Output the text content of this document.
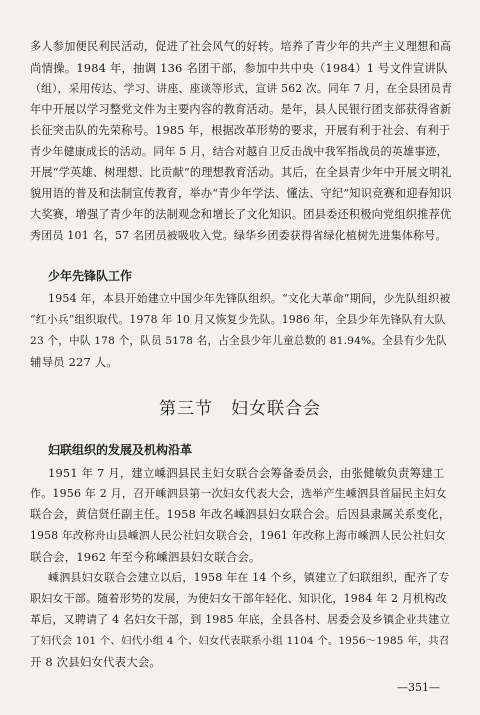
多人参加便民利民活动，促进了社会风气的好转。培养了青少年的共产主义理想和高
尚情操。1984 年，抽调 136 名团干部，参加中共中央（1984）1 号文件宣讲队
（组），采用传达、学习、讲座、座谈等形式，宣讲 562 次。同年 7 月，在全县团员青
年中开展以学习整党文件为主要内容的教育活动。是年，县人民银行团支部获得省新
长征突击队的先荣称号。1985 年，根据改革形势的要求，开展有利于社会、有利于
青少年健康成长的活动。同年 5 月，结合对越自卫反击战中我军指战员的英雄事迹，
开展“学英雄、树理想、比贡献”的理想教育活动。其后，在全县青少年中开展文明礼
貌用语的普及和法制宣传教育，举办“青少年学法、懂法、守纪”知识竞赛和迎春知识
大奖赛，增强了青少年的法制观念和增长了文化知识。团县委还积极向党组织推荐优
秀团员 101 名，57 名团员被吸收入党。绿华乡团委获得省绿化植树先进集体称号。
少年先锋队工作
1954 年，本县开始建立中国少年先锋队组织。“文化大革命”期间，少先队组织被
“红小兵”组织取代。1978 年 10 月又恢复少先队。1986 年，全县少年先锋队有大队
23 个，中队 178 个，队员 5178 名，占全县少年儿童总数的 81.94%。全县有少先队
辅导员 227 人。
第三节　妇女联合会
妇联组织的发展及机构沿革
1951 年 7 月，建立嵊泗县民主妇女联合会筹备委员会，由张健敏负责筹建工
作。1956 年 2 月，召开嵊泗县第一次妇女代表大会，选举产生嵊泗县首届民主妇女
联合会，黄信贤任副主任。1958 年改名嵊泗县妇女联合会。后因县隶属关系变化，
1958 年改称舟山县嵊泗人民公社妇女联合会，1961 年改称上海市嵊泗人民公社妇女
联合会，1962 年至今称嵊泗县妇女联合会。
嵊泗县妇女联合会建立以后，1958 年在 14 个乡，镇建立了妇联组织，配齐了专
职妇女干部。随着形势的发展，为使妇女干部年轻化、知识化，1984 年 2 月机构改
革后，又聘请了 4 名妇女干部，到 1985 年底，全县各村、居委会及乡镇企业共建立
了妇代会 101 个、妇代小组 4 个、妇女代表联系小组 1104 个。1956～1985 年，共召
开 8 次县妇女代表大会。
—351—
